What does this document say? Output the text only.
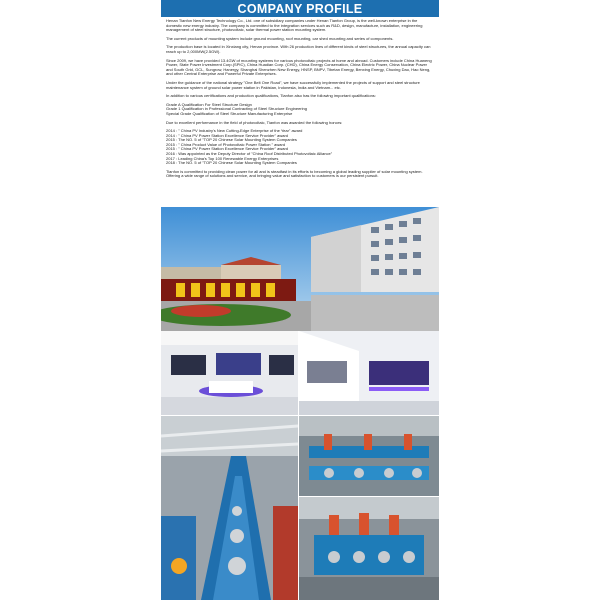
COMPANY PROFILE

Henan Tianfon New Energy Technology Co., Ltd. one of subsidiary companies under Henan Tianfon Group, is the well-known enterprise in the domestic new energy industry. The company is committed to the integration services such as R&D, design, manufacture, installation, engineering management of steel structure, photovoltaic, solar thermal power station mounting system.

The current products of mounting system include ground mounting, roof mounting, car shed mounting and series of components.

The production base is located in Xinxiang city, Henan province. With 26 production lines of different kinds of steel structures, the annual capacity can reach up to 2,000MW(2.5GW).

Since 2009, we have provided 13.4GW of mounting systems for various photovoltaic projects at home and abroad. Customers include China Huaneng Power, State Power Investment Corp.(SPIC), China Huadian Corp. (CHD), China Energy Conservation, China Electric Power, China Nuclear Power and South Grid, GCL, Sungrow, Hanergy, Shanghai Shenzhen New Energy, HNSP, BNPV, Tibetan Energy, Benxing Energy, Chuxing Dao, Hao Neng, and other Central Enterprise and Powerful Private Enterprises.

Under the guidance of the national strategy "One Belt One Road", we have successfully implemented the projects of support and steel structure maintenance system of ground solar power station in Pakistan, Indonesia, India and Vietnam... etc.

In addition to various certifications and production qualifications, Tianfon also has the following important qualifications:

Grade A Qualification For Steel Structure Design
Grade 1 Qualification in Professional Contracting of Steel Structure Engineering
Special Grade Qualification of Steel Structure Manufacturing Enterprise

Due to excellent performance in the field of photovoltaic, Tianfon was awarded the following honors:

2014 : " China PV Industry's New Cutting-Edge Enterprise of the Year" award
2014 : " China PV Power Station Excellence Service Provider" award
2015 : The NO. 5 of "TOP 20 Chinese Solar Mounting System Companies
2015 : " China Product Value of Photovoltaic Power Station " award
2015 : " China PV Power Station Excellence Service Provider" award
2016 : Was appointed as the Deputy Director of "China Roof Distributed Photovoltaic Alliance"
2017 : Leading China's Top 100 Renewable Energy Enterprises
2018 : The NO. 5 of "TOP 20 Chinese Solar Mounting System Companies

Tianfon is committed to providing clean power for all and is steadfast in its efforts to becoming a global leading supplier of solar mounting system. Offering a wide range of solutions and service, and bringing value and satisfaction to customers is our persistent pursuit.
